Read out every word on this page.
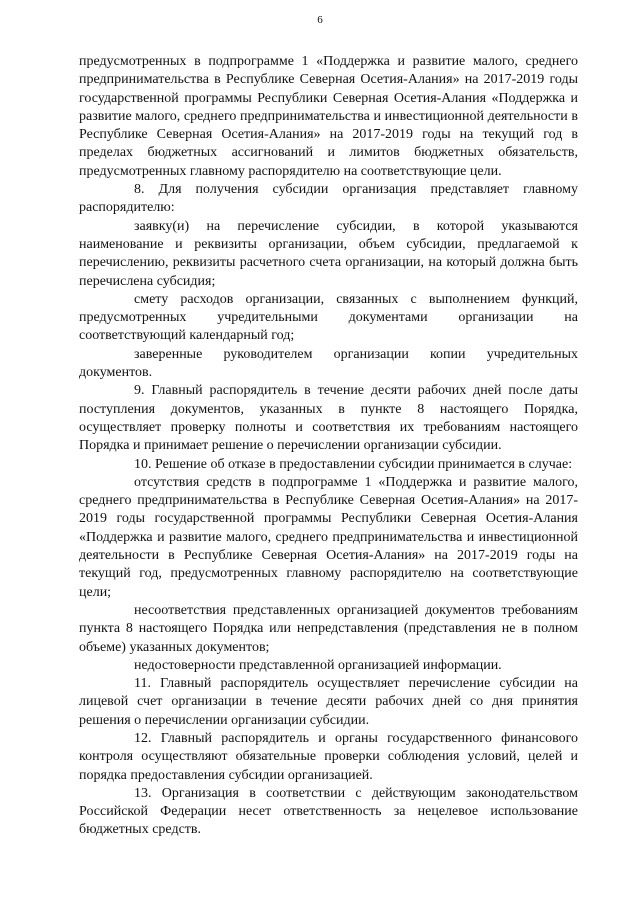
6

предусмотренных в подпрограмме 1 «Поддержка и развитие малого, среднего предпринимательства в Республике Северная Осетия-Алания» на 2017-2019 годы государственной программы Республики Северная Осетия-Алания «Поддержка и развитие малого, среднего предпринимательства и инвестиционной деятельности в Республике Северная Осетия-Алания» на 2017-2019 годы на текущий год в пределах бюджетных ассигнований и лимитов бюджетных обязательств, предусмотренных главному распорядителю на соответствующие цели.

8. Для получения субсидии организация представляет главному распорядителю:

заявку(и) на перечисление субсидии, в которой указываются наименование и реквизиты организации, объем субсидии, предлагаемой к перечислению, реквизиты расчетного счета организации, на который должна быть перечислена субсидия;

смету расходов организации, связанных с выполнением функций, предусмотренных учредительными документами организации на соответствующий календарный год;

заверенные руководителем организации копии учредительных документов.

9. Главный распорядитель в течение десяти рабочих дней после даты поступления документов, указанных в пункте 8 настоящего Порядка, осуществляет проверку полноты и соответствия их требованиям настоящего Порядка и принимает решение о перечислении организации субсидии.

10. Решение об отказе в предоставлении субсидии принимается в случае:

отсутствия средств в подпрограмме 1 «Поддержка и развитие малого, среднего предпринимательства в Республике Северная Осетия-Алания» на 2017-2019 годы государственной программы Республики Северная Осетия-Алания «Поддержка и развитие малого, среднего предпринимательства и инвестиционной деятельности в Республике Северная Осетия-Алания» на 2017-2019 годы на текущий год, предусмотренных главному распорядителю на соответствующие цели;

несоответствия представленных организацией документов требованиям пункта 8 настоящего Порядка или непредставления (представления не в полном объеме) указанных документов;

недостоверности представленной организацией информации.

11. Главный распорядитель осуществляет перечисление субсидии на лицевой счет организации в течение десяти рабочих дней со дня принятия решения о перечислении организации субсидии.

12. Главный распорядитель и органы государственного финансового контроля осуществляют обязательные проверки соблюдения условий, целей и порядка предоставления субсидии организацией.

13. Организация в соответствии с действующим законодательством Российской Федерации несет ответственность за нецелевое использование бюджетных средств.
